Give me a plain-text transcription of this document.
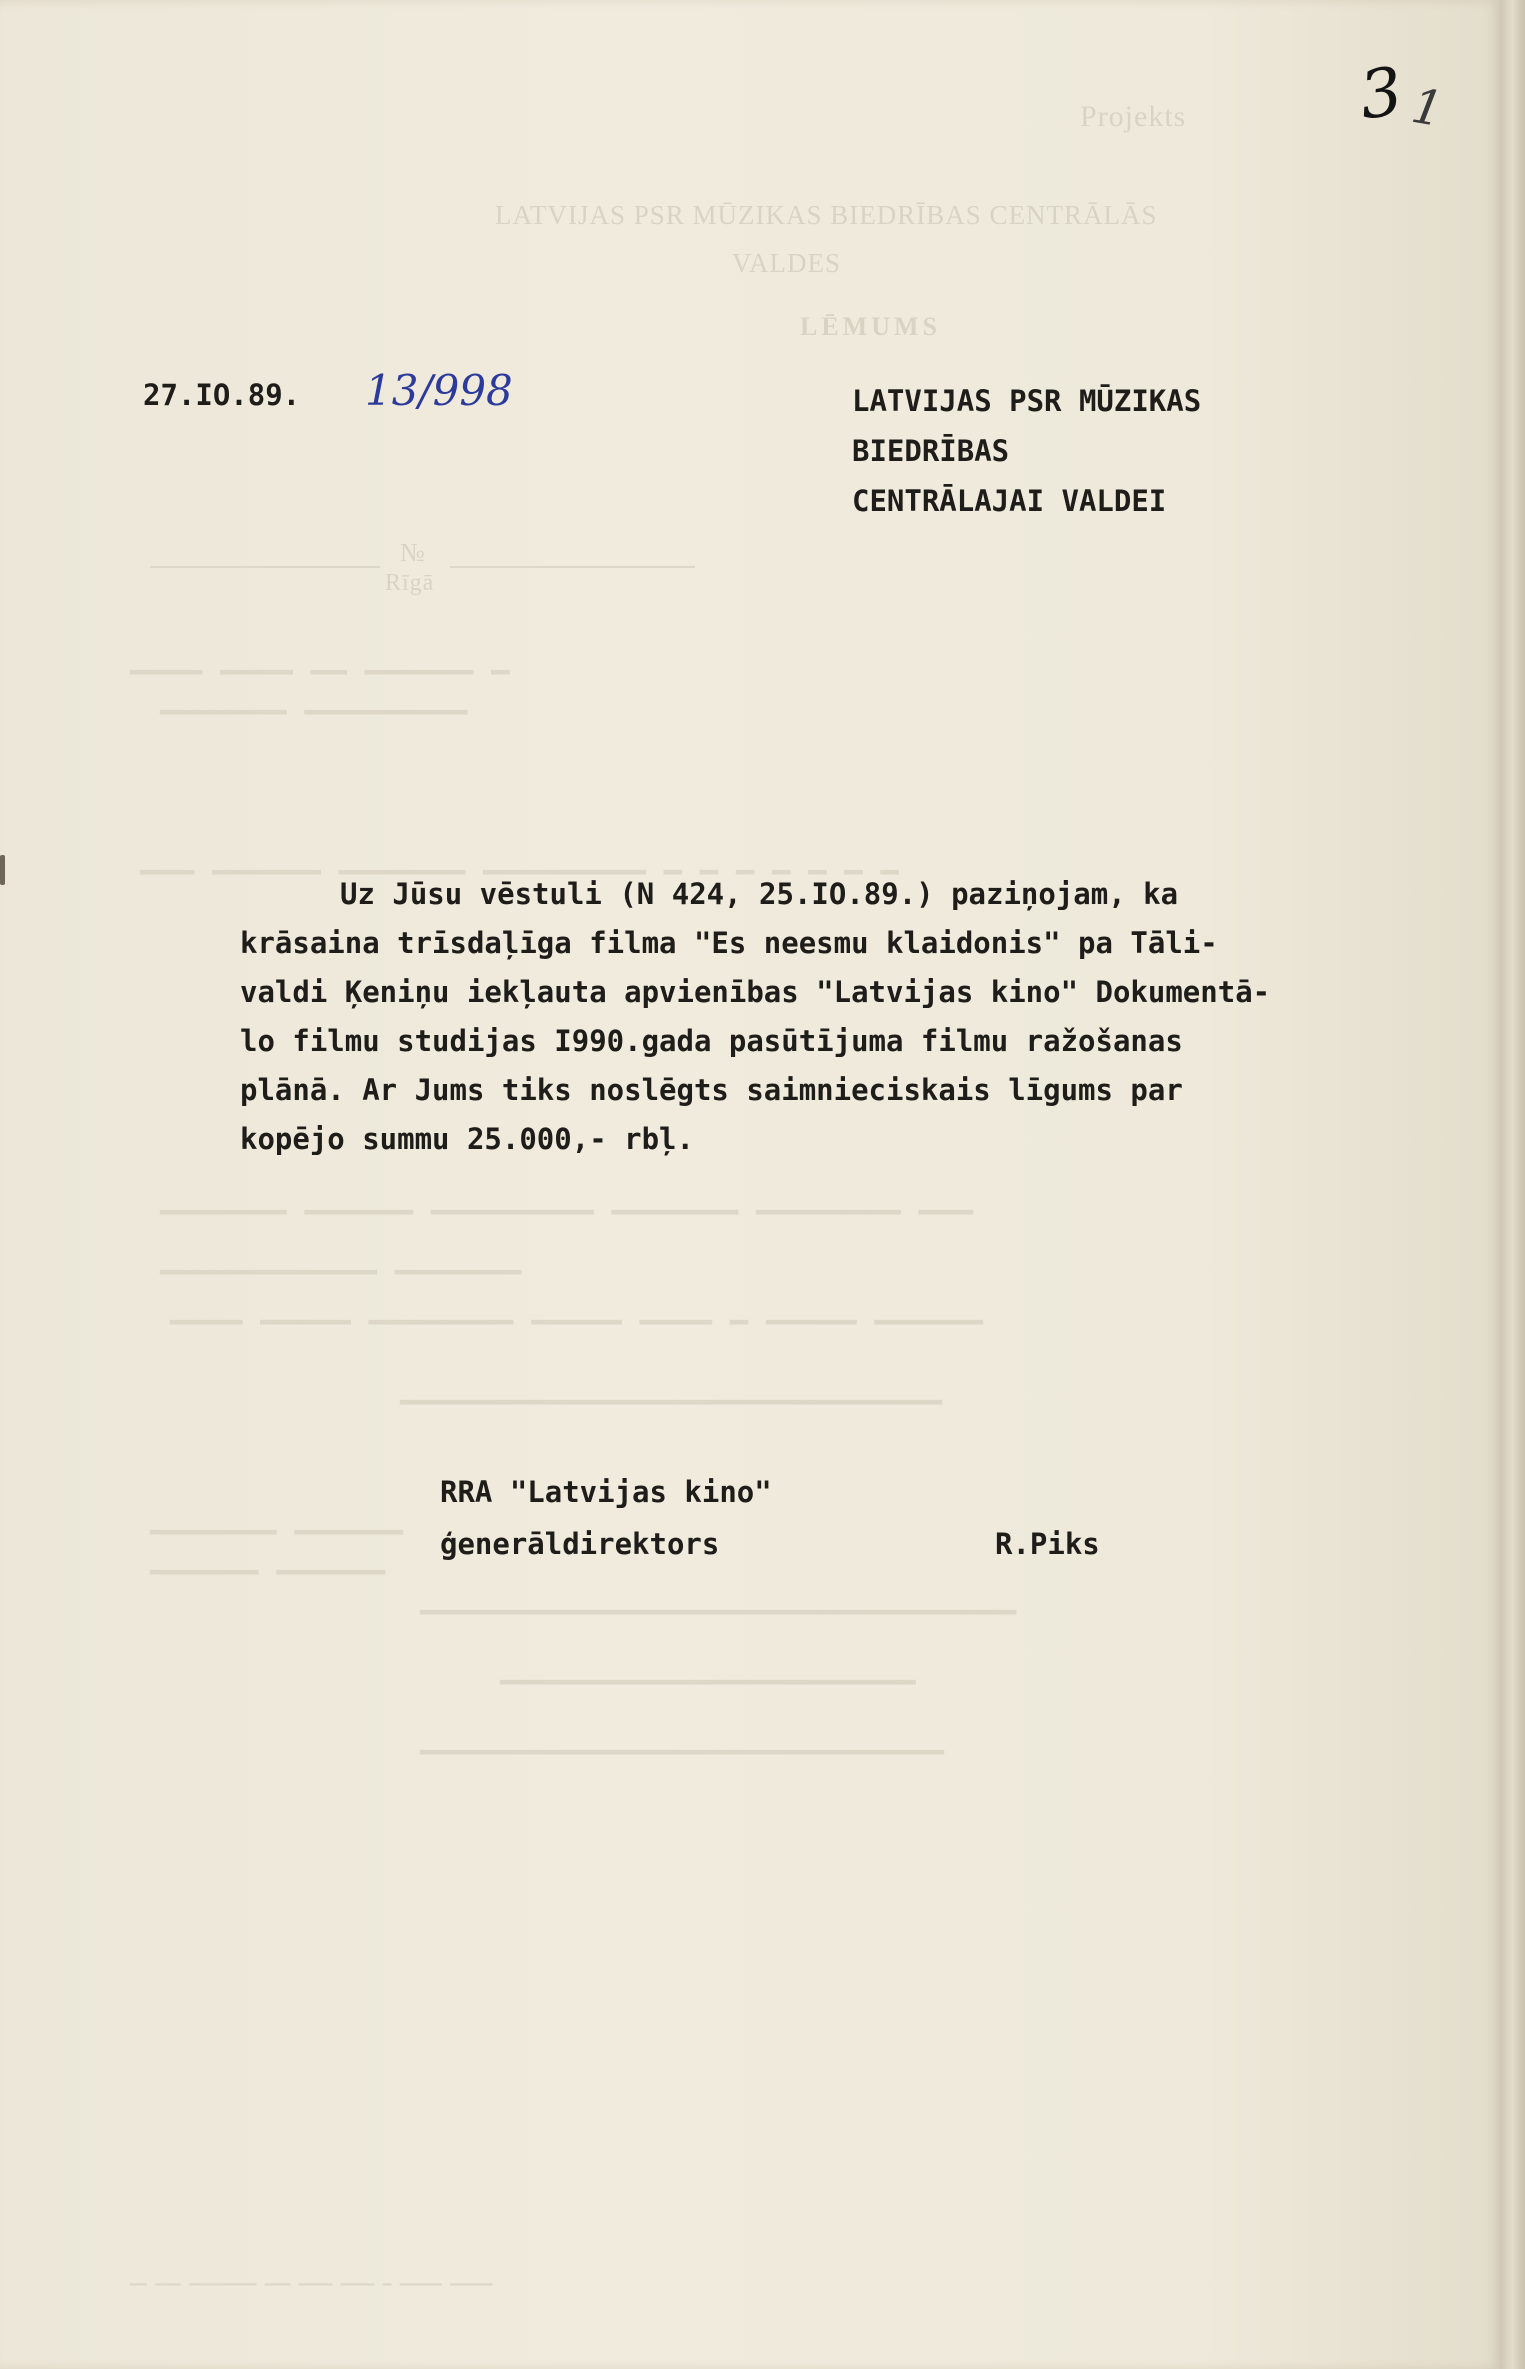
Projekts
LATVIJAS PSR MŪZIKAS BIEDRĪBAS CENTRĀLĀS
VALDES
LĒMUMS
№
Rīgā
▁▁▁▁ ▁▁▁▁ ▁▁ ▁▁▁▁▁▁ ▁
▁▁▁▁▁▁▁ ▁▁▁▁▁▁▁▁▁
▁▁▁ ▁▁▁▁▁▁ ▁▁▁▁▁▁▁ ▁▁▁▁▁▁▁▁▁ ▁ ▁ ▁ ▁ ▁ ▁ ▁
▁▁▁▁▁▁▁ ▁▁▁▁▁▁ ▁▁▁▁▁▁▁▁▁ ▁▁▁▁▁▁▁ ▁▁▁▁▁▁▁▁ ▁▁▁
▁▁▁▁▁▁▁▁▁▁▁▁ ▁▁▁▁▁▁▁
▁▁▁▁ ▁▁▁▁▁ ▁▁▁▁▁▁▁▁ ▁▁▁▁▁ ▁▁▁▁ ▁ ▁▁▁▁▁ ▁▁▁▁▁▁
▁▁▁▁▁▁▁▁▁▁▁▁▁▁▁▁▁▁▁▁▁▁▁▁▁▁▁▁▁▁
▁▁▁▁▁▁▁ ▁▁▁▁▁▁
▁▁▁▁▁▁ ▁▁▁▁▁▁
▁▁▁▁▁▁▁▁▁▁▁▁▁▁▁▁▁▁▁▁▁▁▁▁▁▁▁▁▁▁▁▁▁
▁▁▁▁▁▁▁▁▁▁▁▁▁▁▁▁▁▁▁▁▁▁▁
▁▁▁▁▁▁▁▁▁▁▁▁▁▁▁▁▁▁▁▁▁▁▁▁▁▁▁▁▁
▁▁ ▁▁▁ ▁▁▁▁▁▁▁▁ ▁▁▁ ▁▁▁▁ ▁▁▁▁ ▁ ▁▁▁▁▁ ▁▁▁▁▁
3 1
27.IO.89. 13/998	LATVIJAS PSR MŪZIKAS
BIEDRĪBAS
CENTRĀLAJAI VALDEI
Uz Jūsu vēstuli (N 424, 25.IO.89.) paziņojam, ka
krāsaina trīsdaļīga filma "Es neesmu klaidonis" pa Tāli-
valdi Ķeniņu iekļauta apvienības "Latvijas kino" Dokumentā-
lo filmu studijas I990.gada pasūtījuma filmu ražošanas
plānā. Ar Jums tiks noslēgts saimnieciskais līgums par
kopējo summu 25.000,- rbļ.
RRA "Latvijas kino"
ģenerāldirektors	R.Piks
